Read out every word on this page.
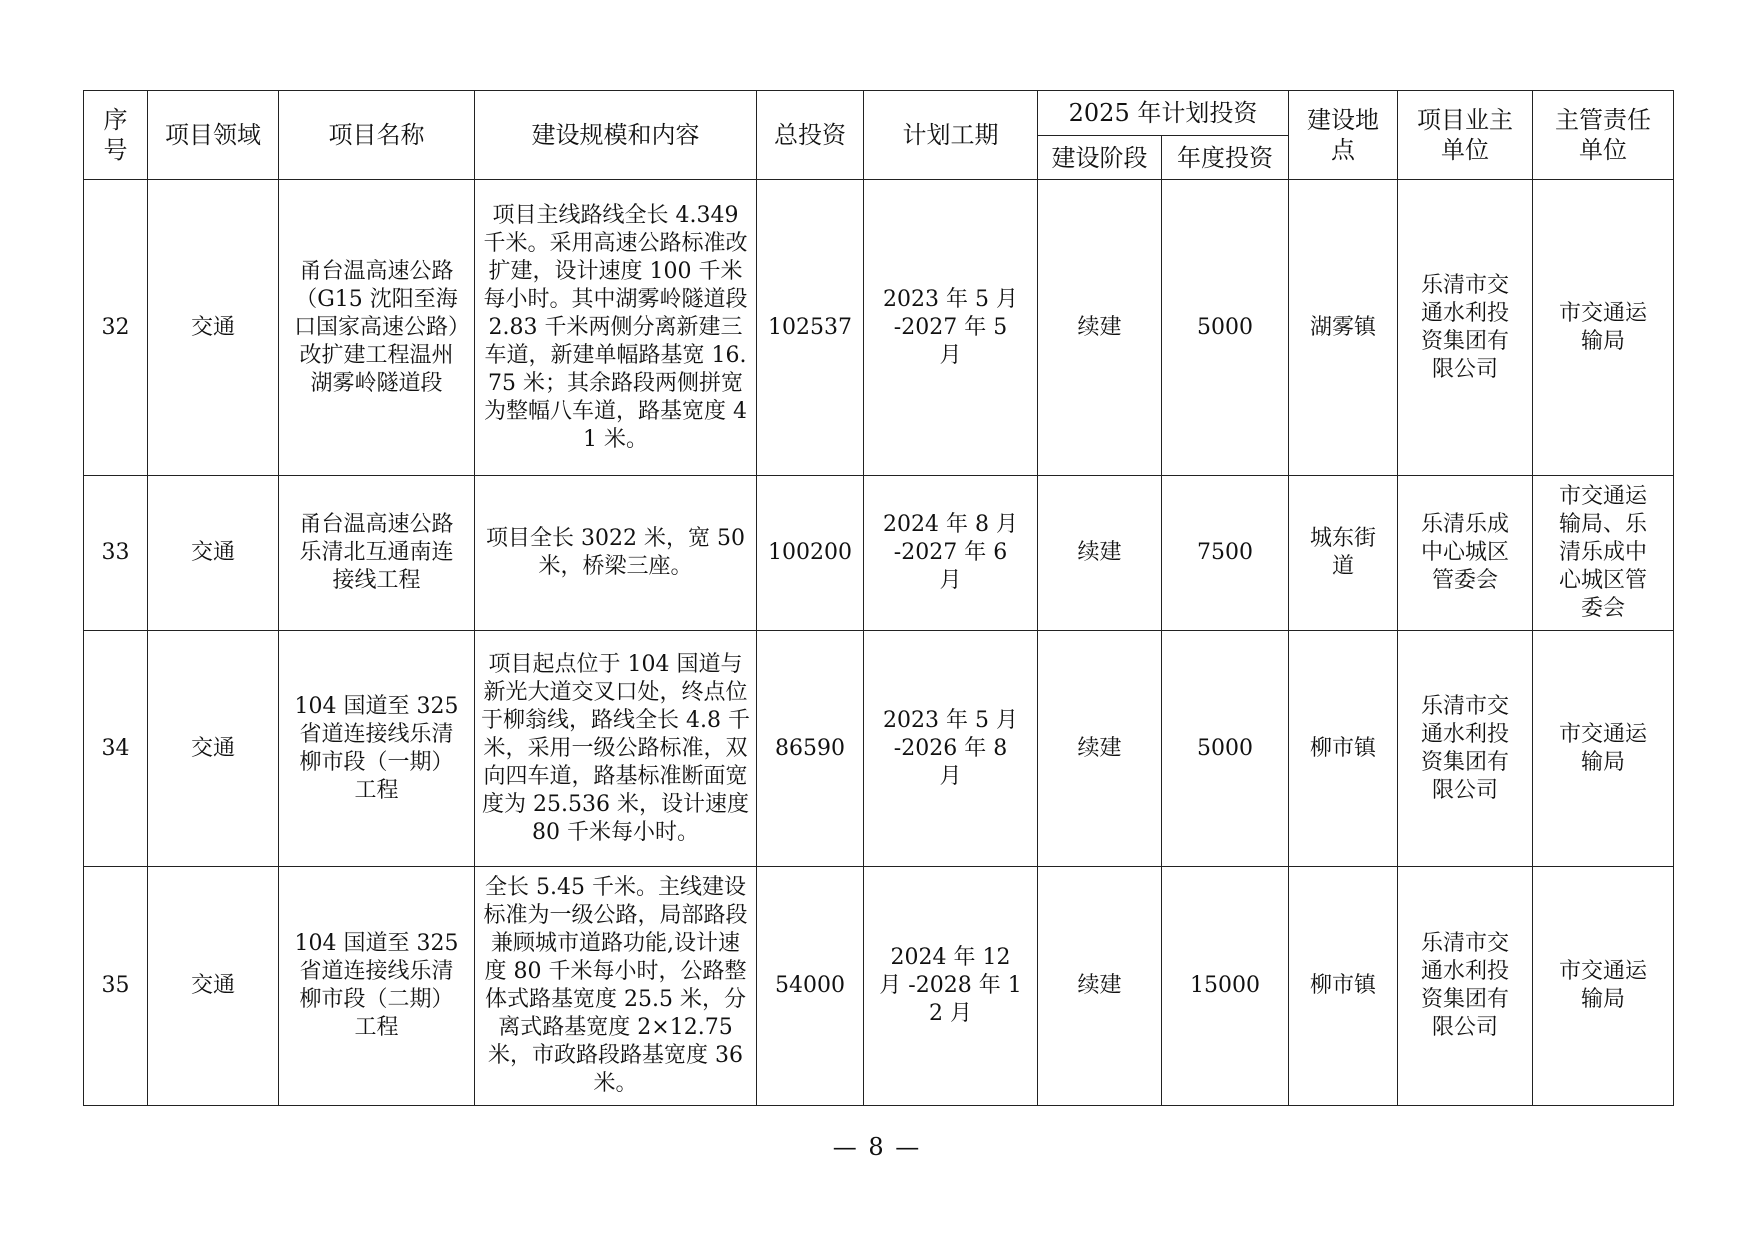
序号	项目领域	项目名称	建设规模和内容	总投资	计划工期	2025 年计划投资		建设地点	项目业主单位	主管责任单位
						建设阶段	年度投资			
32	交通	甬台温高速公路（G15 沈阳至海口国家高速公路）改扩建工程温州湖雾岭隧道段	项目主线路线全长 4.349 千米。采用高速公路标准改扩建，设计速度 100 千米每小时。其中湖雾岭隧道段 2.83 千米两侧分离新建三车道，新建单幅路基宽 16.75 米；其余路段两侧拼宽为整幅八车道，路基宽度 41 米。	102537	2023 年 5 月 -2027 年 5 月	续建	5000	湖雾镇	乐清市交通水利投资集团有限公司	市交通运输局
33	交通	甬台温高速公路乐清北互通南连接线工程	项目全长 3022 米，宽 50 米，桥梁三座。	100200	2024 年 8 月 -2027 年 6 月	续建	7500	城东街道	乐清乐成中心城区管委会	市交通运输局、乐清乐成中心城区管委会
34	交通	104 国道至 325 省道连接线乐清柳市段（一期）工程	项目起点位于 104 国道与新光大道交叉口处，终点位于柳翁线，路线全长 4.8 千米，采用一级公路标准，双向四车道，路基标准断面宽度为 25.536 米，设计速度 80 千米每小时。	86590	2023 年 5 月 -2026 年 8 月	续建	5000	柳市镇	乐清市交通水利投资集团有限公司	市交通运输局
35	交通	104 国道至 325 省道连接线乐清柳市段（二期）工程	全长 5.45 千米。主线建设标准为一级公路，局部路段兼顾城市道路功能,设计速度 80 千米每小时，公路整体式路基宽度 25.5 米，分离式路基宽度 2×12.75 米，市政路段路基宽度 36 米。	54000	2024 年 12 月 -2028 年 12 月	续建	15000	柳市镇	乐清市交通水利投资集团有限公司	市交通运输局
— 8 —
